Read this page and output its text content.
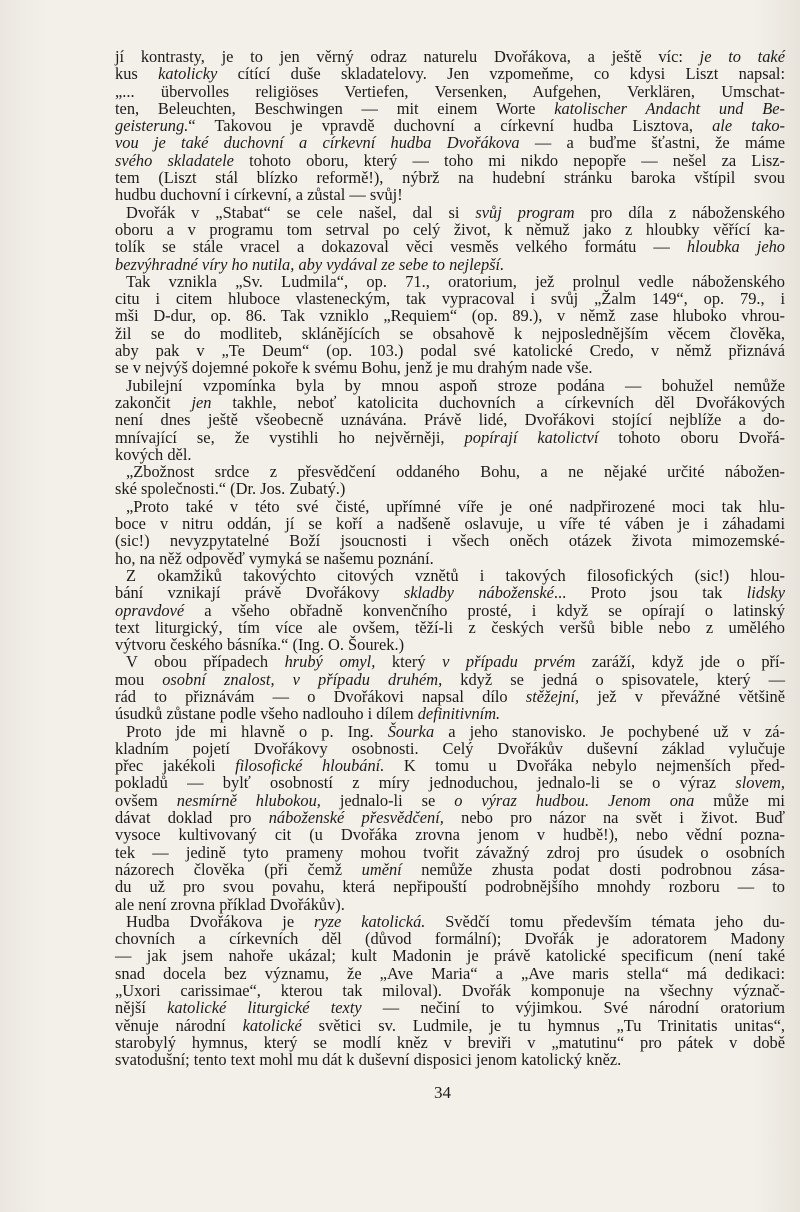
jí kontrasty, je to jen věrný odraz naturelu Dvořákova, a ještě víc: je to také
kus katolicky cítící duše skladatelovy. Jen vzpomeňme, co kdysi Liszt napsal:
„... übervolles religiöses Vertiefen, Versenken, Aufgehen, Verklären, Umschat-
ten, Beleuchten, Beschwingen — mit einem Worte katolischer Andacht und Be-
geisterung.“ Takovou je vpravdě duchovní a církevní hudba Lisztova, ale tako-
vou je také duchovní a církevní hudba Dvořákova — a buďme šťastni, že máme
svého skladatele tohoto oboru, který — toho mi nikdo nepopře — nešel za Lisz-
tem (Liszt stál blízko reformě!), nýbrž na hudební stránku baroka vštípil svou
hudbu duchovní i církevní, a zůstal — svůj!
Dvořák v „Stabat“ se cele našel, dal si svůj program pro díla z náboženského
oboru a v programu tom setrval po celý život, k němuž jako z hloubky věřící ka-
tolík se stále vracel a dokazoval věci vesměs velkého formátu — hloubka jeho
bezvýhradné víry ho nutila, aby vydával ze sebe to nejlepší.
Tak vznikla „Sv. Ludmila“, op. 71., oratorium, jež prolnul vedle náboženského
citu i citem hluboce vlasteneckým, tak vypracoval i svůj „Žalm 149“, op. 79., i
mši D-dur, op. 86. Tak vzniklo „Requiem“ (op. 89.), v němž zase hluboko vhrou-
žil se do modliteb, sklánějících se obsahově k nejposlednějším věcem člověka,
aby pak v „Te Deum“ (op. 103.) podal své katolické Credo, v němž přiznává
se v nejvýš dojemné pokoře k svému Bohu, jenž je mu drahým nade vše.
Jubilejní vzpomínka byla by mnou aspoň stroze podána — bohužel nemůže
zakončit jen takhle, neboť katolicita duchovních a církevních děl Dvořákových
není dnes ještě všeobecně uznávána. Právě lidé, Dvořákovi stojící nejblíže a do-
mnívající se, že vystihli ho nejvěrněji, popírají katolictví tohoto oboru Dvořá-
kových děl.
„Zbožnost srdce z přesvědčení oddaného Bohu, a ne nějaké určité nábožen-
ské společnosti.“ (Dr. Jos. Zubatý.)
„Proto také v této své čisté, upřímné víře je oné nadpřirozené moci tak hlu-
boce v nitru oddán, jí se koří a nadšeně oslavuje, u víře té váben je i záhadami
(sic!) nevyzpytatelné Boží jsoucnosti i všech oněch otázek života mimozemské-
ho, na něž odpověď vymyká se našemu poznání.
Z okamžiků takovýchto citových vznětů i takových filosofických (sic!) hlou-
bání vznikají právě Dvořákovy skladby náboženské... Proto jsou tak lidsky
opravdové a všeho obřadně konvenčního prosté, i když se opírají o latinský
text liturgický, tím více ale ovšem, těží-li z českých veršů bible nebo z umělého
výtvoru českého básníka.“ (Ing. O. Šourek.)
V obou případech hrubý omyl, který v případu prvém zaráží, když jde o pří-
mou osobní znalost, v případu druhém, když se jedná o spisovatele, který —
rád to přiznávám — o Dvořákovi napsal dílo stěžejní, jež v převážné většině
úsudků zůstane podle všeho nadlouho i dílem definitivním.
Proto jde mi hlavně o p. Ing. Šourka a jeho stanovisko. Je pochybené už v zá-
kladním pojetí Dvořákovy osobnosti. Celý Dvořákův duševní základ vylučuje
přec jakékoli filosofické hloubání. K tomu u Dvořáka nebylo nejmenších před-
pokladů — bylť osobností z míry jednoduchou, jednalo-li se o výraz slovem,
ovšem nesmírně hlubokou, jednalo-li se o výraz hudbou. Jenom ona může mi
dávat doklad pro náboženské přesvědčení, nebo pro názor na svět i život. Buď
vysoce kultivovaný cit (u Dvořáka zrovna jenom v hudbě!), nebo vědní pozna-
tek — jedině tyto prameny mohou tvořit závažný zdroj pro úsudek o osobních
názorech člověka (při čemž umění nemůže zhusta podat dosti podrobnou zása-
du už pro svou povahu, která nepřipouští podrobnějšího mnohdy rozboru — to
ale není zrovna příklad Dvořákův).
Hudba Dvořákova je ryze katolická. Svědčí tomu především témata jeho du-
chovních a církevních děl (důvod formální); Dvořák je adoratorem Madony
— jak jsem nahoře ukázal; kult Madonin je právě katolické specificum (není také
snad docela bez významu, že „Ave Maria“ a „Ave maris stella“ má dedikaci:
„Uxori carissimae“, kterou tak miloval). Dvořák komponuje na všechny význač-
nější katolické liturgické texty — nečiní to výjimkou. Své národní oratorium
věnuje národní katolické světici sv. Ludmile, je tu hymnus „Tu Trinitatis unitas“,
starobylý hymnus, který se modlí kněz v breviři v „matutinu“ pro pátek v době
svatodušní; tento text mohl mu dát k duševní disposici jenom katolický kněz.
34
